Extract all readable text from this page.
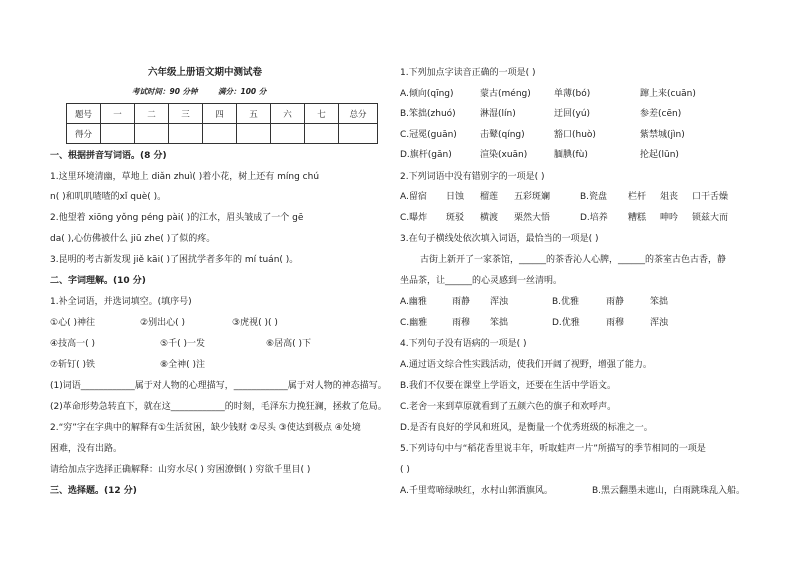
六年级上册语文期中测试卷
考试时间：90 分钟	满分：100 分
题号	一	二	三	四	五	六	七	总分
得分								
一、根据拼音写词语。(8 分)
1.这里环境清幽，草地上 diǎn zhuì( )着小花，树上还有 míng chú
n( )和叽叽喳喳的xǐ què( )。
2.他望着 xiōng yǒng péng pài( )的江水，眉头皱成了一个 gē
da( ),心仿佛被什么 jiū zhe( )了似的疼。
3.昆明的考古新发现 jiě kāi( )了困扰学者多年的 mí tuán( )。
二、字词理解。(10 分)
1.补全词语，并选词填空。(填序号)
①心( )神往	②别出心( )	③虎视( )( )
④技高一( )	⑤千( )一发	⑥居高( )下
⑦斩钉( )铁	⑧全神( )注
(1)词语____________属于对人物的心理描写，____________属于对人物的神态描写。
(2)革命形势急转直下，就在这____________的时刻，毛泽东力挽狂澜，拯救了危局。
2.“穷”字在字典中的解释有①生活贫困，缺少钱财 ②尽头 ③使达到极点 ④处境
困难，没有出路。
请给加点字选择正确解释：山穷水尽( ) 穷困潦倒( ) 穷欲千里目( )
三、选择题。(12 分)
1.下列加点字读音正确的一项是( )
A.倾向(qīng)	蒙古(méng)	单薄(bó)	蹿上来(cuān)
B.笨拙(zhuó)	淋湿(lín)	迂回(yú)	参差(cēn)
C.冠冕(guān)	击鼙(qíng)	豁口(huò)	紫禁城(jìn)
D.旗杆(gān)	渲染(xuān)	腼腆(fù)	抡起(lūn)
2.下列词语中没有错别字的一项是( )
A.留宿 日蚀 榴莲 五彩斑斓	B.瓷盘 栏杆 俎丧 口干舌燥
C.曝炸 斑驳 横渡 栗然大悟	D.培养 糟糕 呻吟 锁兹大而
3.在句子横线处依次填入词语，最恰当的一项是( )
古街上新开了一家茶馆，______的茶香沁人心脾，______的茶室古色古香，静
坐品茶，让______的心灵感到一丝清明。
A.幽雅	雨静 浑浊	B.优雅	雨静	笨拙
C.幽雅	雨穆 笨拙	D.优雅	雨穆	浑浊
4.下列句子没有语病的一项是( )
A.通过语文综合性实践活动，使我们开阔了视野，增强了能力。
B.我们不仅要在课堂上学语文，还要在生活中学语文。
C.老舍一来到草原就看到了五颜六色的旗子和欢呼声。
D.是否有良好的学风和班风，是衡量一个优秀班级的标准之一。
5.下列诗句中与“稻花香里说丰年，听取蛙声一片”所描写的季节相同的一项是
( )
A.千里莺啼绿映红，水村山郭酒旗风。	B.黑云翻墨未遮山，白雨跳珠乱入船。
